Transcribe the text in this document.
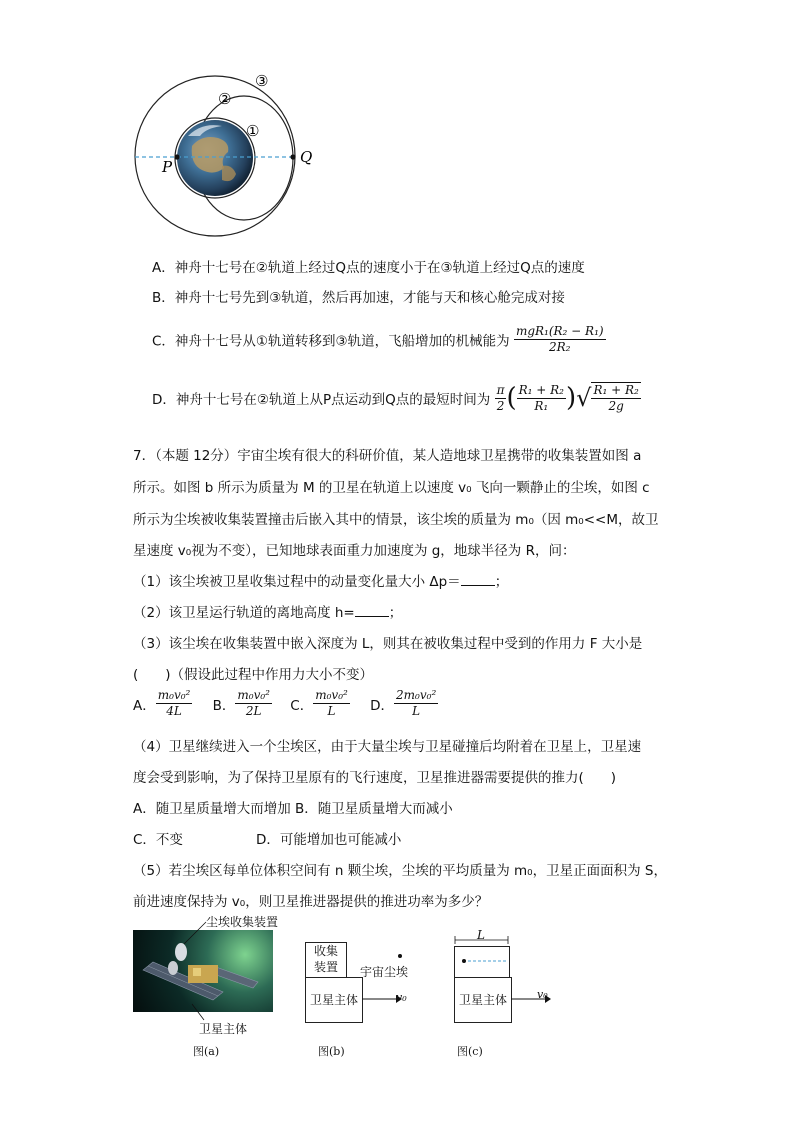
①
②
③
P
Q
A．神舟十七号在②轨道上经过Q点的速度小于在③轨道上经过Q点的速度
B．神舟十七号先到③轨道，然后再加速，才能与天和核心舱完成对接
C．神舟十七号从①轨道转移到③轨道，飞船增加的机械能为 $\frac{\text{mgR₁(R₂ − R₁)}}{\text{2R₂}}$
D．神舟十七号在②轨道上从P点运动到Q点的最短时间为 $\frac{\pi}{2}$ ( $\frac{\text{R₁ + R₂}}{\text{R₁}}$ )√ $\frac{\text{R₁ + R₂}}{2g}$
7．（本题 12分）宇宙尘埃有很大的科研价值，某人造地球卫星携带的收集装置如图 a
所示。如图 b 所示为质量为 M 的卫星在轨道上以速度 v₀ 飞向一颗静止的尘埃，如图 c
所示为尘埃被收集装置撞击后嵌入其中的情景，该尘埃的质量为 m₀（因 m₀<<M，故卫
星速度 v₀视为不变），已知地球表面重力加速度为 g，地球半径为 R，问：
（1）该尘埃被卫星收集过程中的动量变化量大小 Δp＝	；
（2）该卫星运行轨道的离地高度 h=	；
（3）该尘埃在收集装置中嵌入深度为 L，则其在被收集过程中受到的作用力 F 大小是
(　　)（假设此过程中作用力大小不变）
A． $\frac{\text{m₀v₀²}}{4L}$ B． $\frac{\text{m₀v₀²}}{2L}$ C． $\frac{\text{m₀v₀²}}{L}$ D． $\frac{\text{2m₀v₀²}}{L}$
（4）卫星继续进入一个尘埃区，由于大量尘埃与卫星碰撞后均附着在卫星上，卫星速
度会受到影响，为了保持卫星原有的飞行速度，卫星推进器需要提供的推力(　　)
A．随卫星质量增大而增加 B．随卫星质量增大而减小
C．不变	D．可能增加也可能减小
（5）若尘埃区每单位体积空间有 n 颗尘埃，尘埃的平均质量为 m₀，卫星正面面积为 S，
前进速度保持为 v₀，则卫星推进器提供的推进功率为多少？
尘埃收集装置
卫星主体
图(a)
收集
装置
卫星主体
宇宙尘埃
v₀
图(b)
L
卫星主体	v₀
图(c)
